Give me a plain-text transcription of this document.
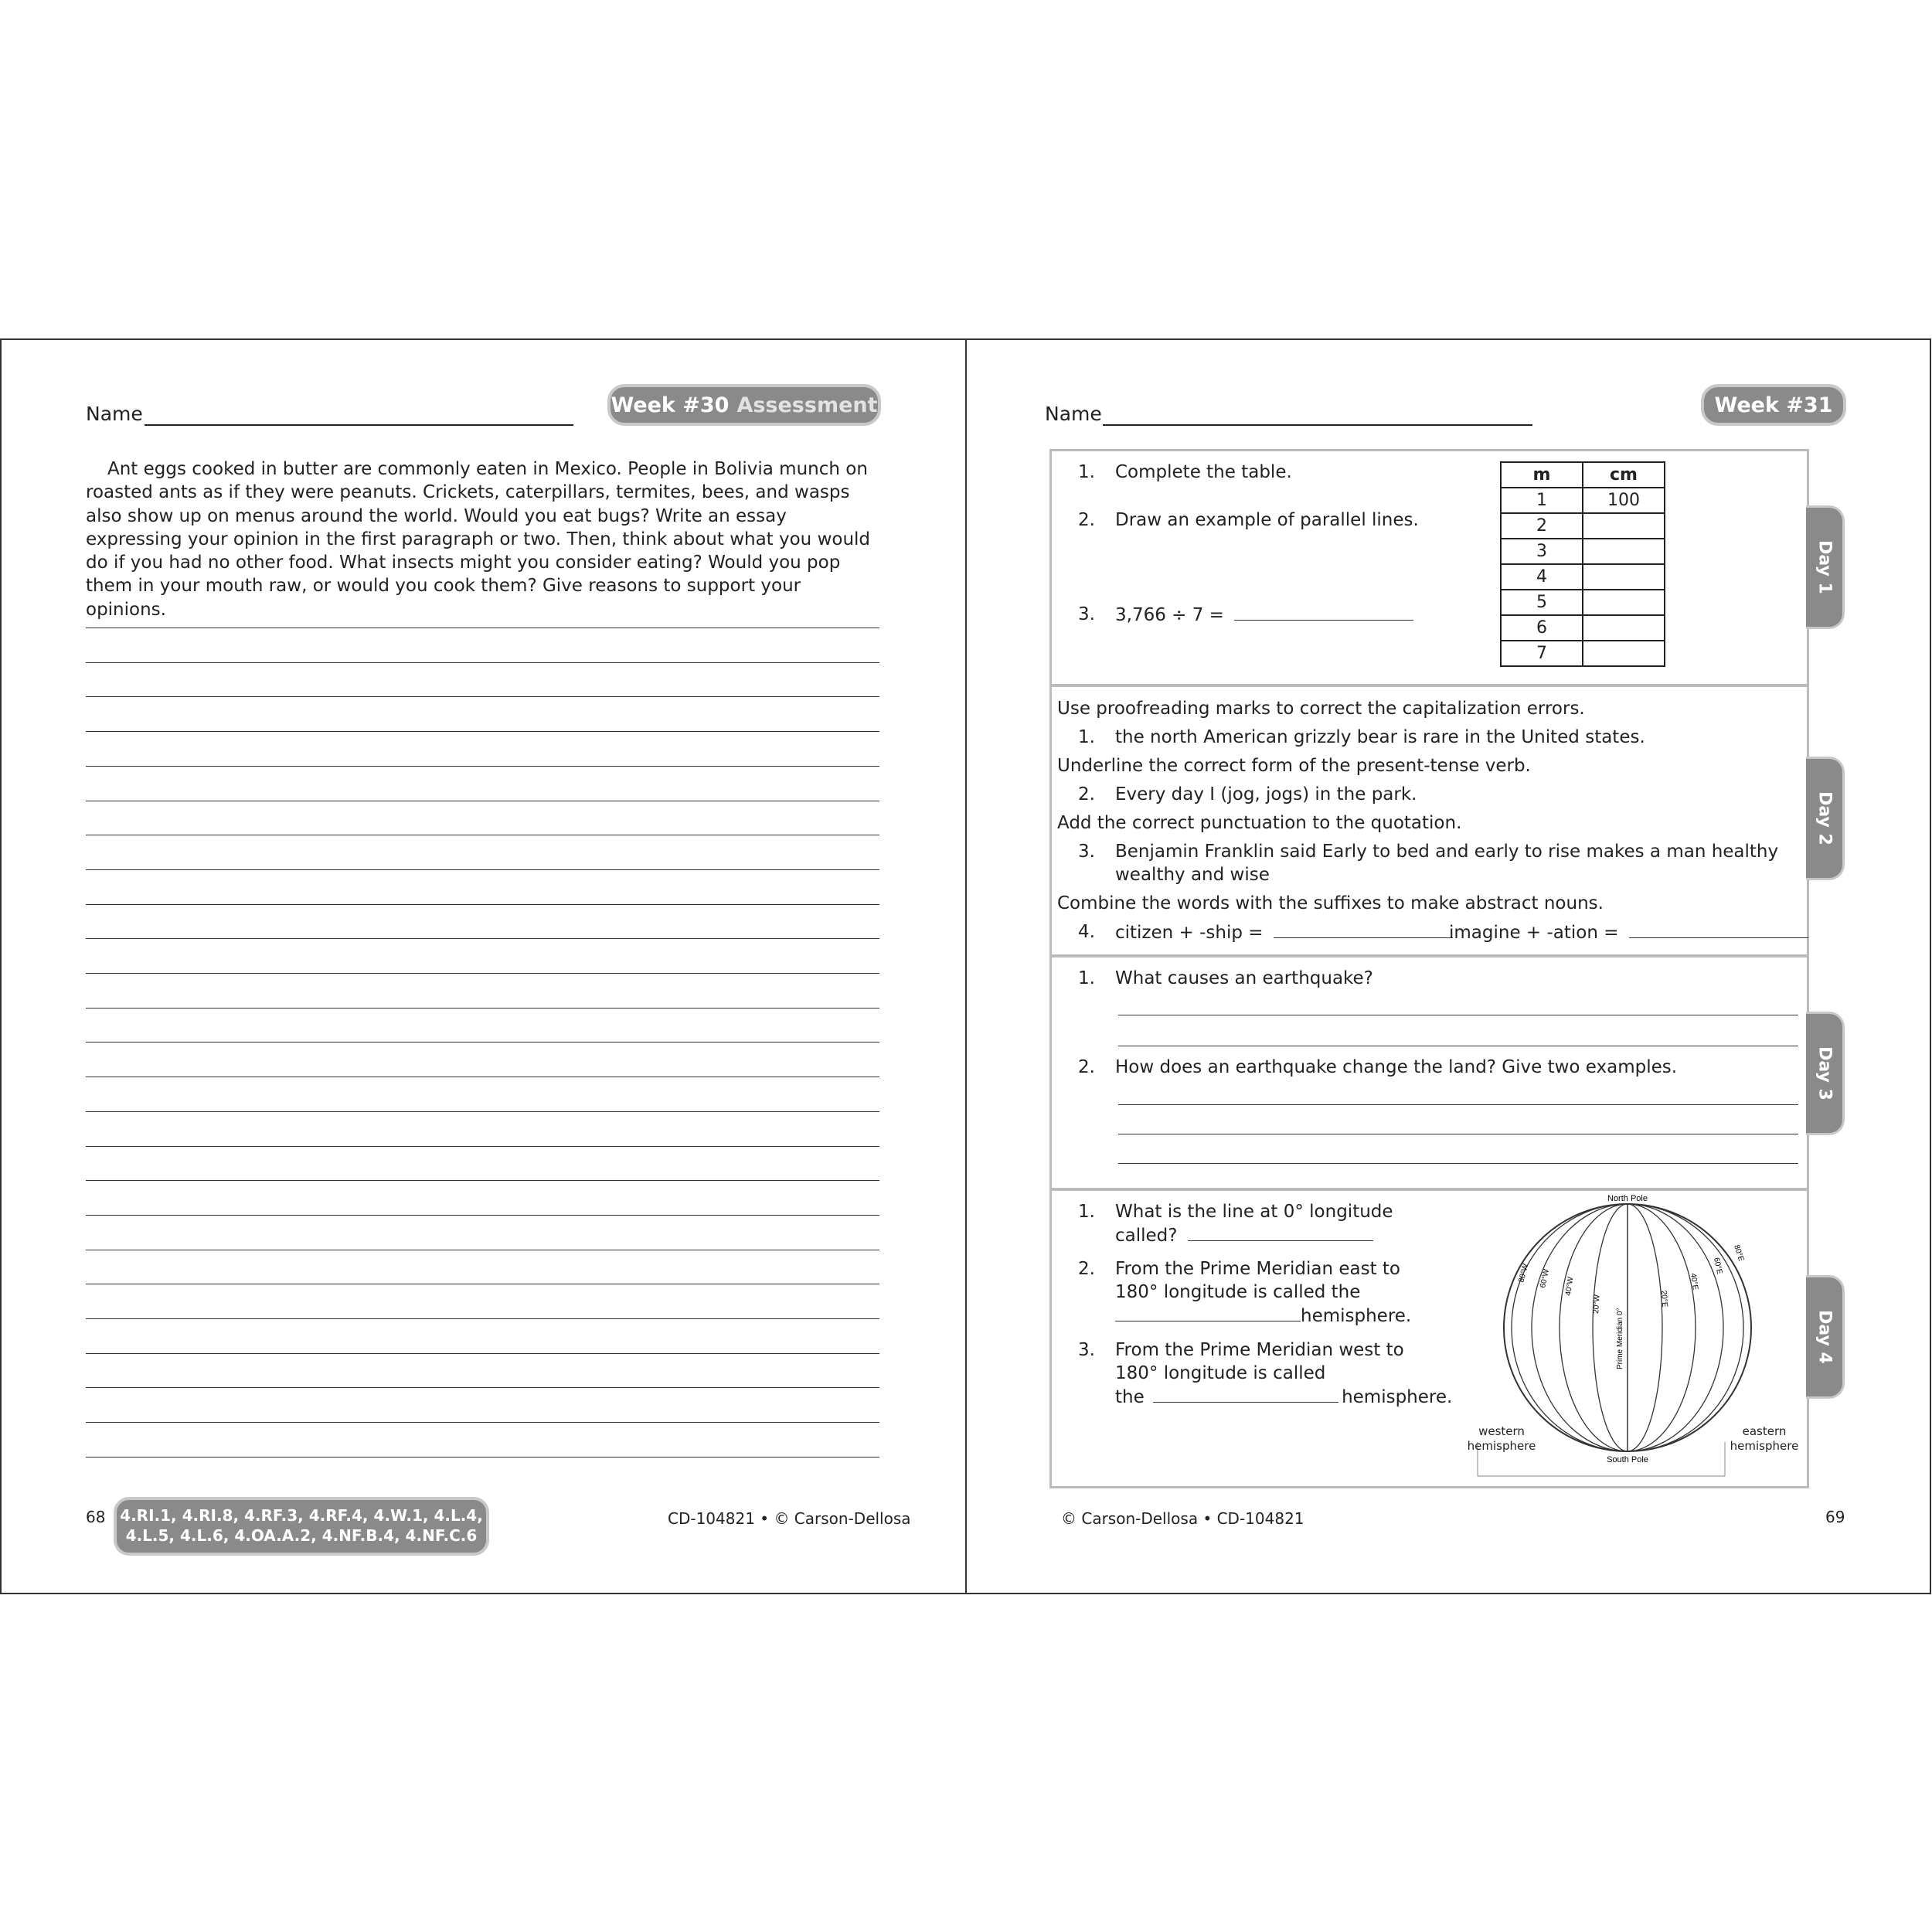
Name	Week #30 Assessment
Ant eggs cooked in butter are commonly eaten in Mexico. People in Bolivia munch on roasted ants as if they were peanuts. Crickets, caterpillars, termites, bees, and wasps also show up on menus around the world. Would you eat bugs? Write an essay expressing your opinion in the first paragraph or two. Then, think about what you would do if you had no other food. What insects might you consider eating? Would you pop them in your mouth raw, or would you cook them? Give reasons to support your opinions.
68 4.RI.1, 4.RI.8, 4.RF.3, 4.RF.4, 4.W.1, 4.L.4,
4.L.5, 4.L.6, 4.OA.A.2, 4.NF.B.4, 4.NF.C.6
CD-104821 • © Carson-Dellosa
Name	Week #31
1. Complete the table.
2. Draw an example of parallel lines.
3. 3,766 ÷ 7 =
m	cm
1	100
2	
3	
4	
5	
6	
7	
Day 1
Use proofreading marks to correct the capitalization errors.
1. the north American grizzly bear is rare in the United states.
Underline the correct form of the present-tense verb.
2. Every day I (jog, jogs) in the park.
Add the correct punctuation to the quotation.
3. Benjamin Franklin said Early to bed and early to rise makes a man healthy
wealthy and wise
Combine the words with the suffixes to make abstract nouns.
4. citizen + -ship =	imagine + -ation =
Day 2
1. What causes an earthquake?
2. How does an earthquake change the land? Give two examples.	Day 3
1. What is the line at 0° longitude
called?
2. From the Prime Meridian east to
180° longitude is called the
hemisphere.
3. From the Prime Meridian west to
180° longitude is called
the	hemisphere.
North Pole
South Pole
Prime Meridian 0°
80°W 60°W 40°W
20°W	20°E
40°E
60°E
80°E
western
hemisphere
eastern
hemisphere
Day 4
© Carson-Dellosa • CD-104821	69
